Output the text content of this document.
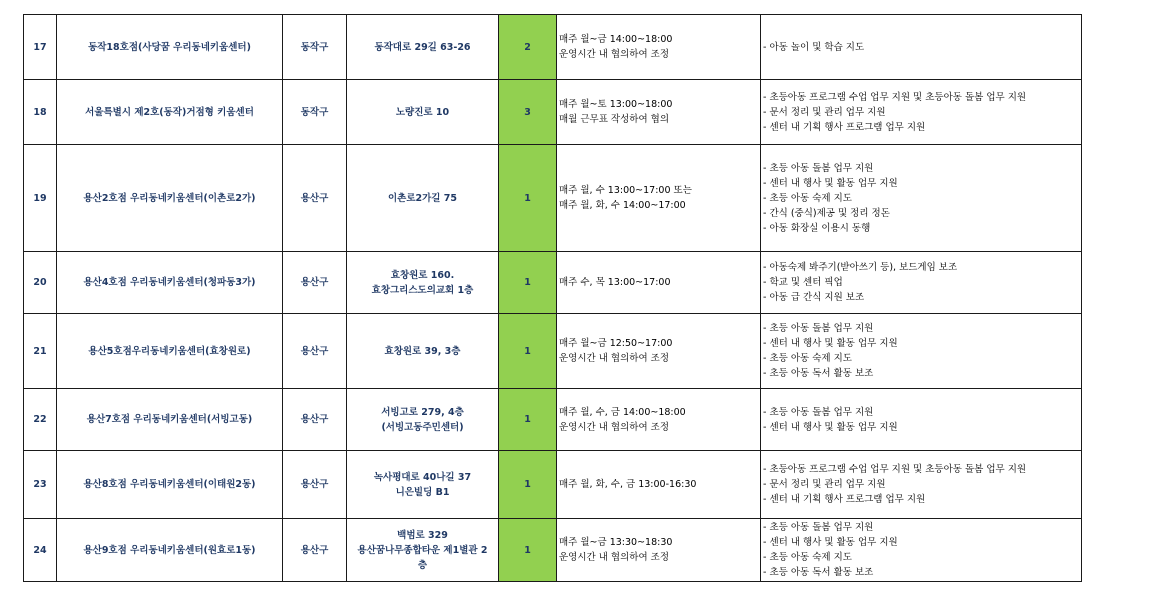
17	동작18호점(사당꿈 우리동네키움센터)	동작구	동작대로 29길 63-26	2	매주 월~금 14:00~18:00
운영시간 내 협의하여 조정	- 아동 놀이 및 학습 지도

18	서울특별시 제2호(동작)거점형 키움센터	동작구	노량진로 10	3	매주 월~토 13:00~18:00
매월 근무표 작성하여 협의	- 초등아동 프로그램 수업 업무 지원 및 초등아동 돌봄 업무 지원
- 문서 정리 및 관리 업무 지원
- 센터 내 기획 행사 프로그램 업무 지원

19	용산2호점 우리동네키움센터(이촌로2가)	용산구	이촌로2가길 75	1	매주 월, 수 13:00~17:00 또는
매주 월, 화, 수 14:00~17:00	- 초등 아동 돌봄 업무 지원
- 센터 내 행사 및 활동 업무 지원
- 초등 아동 숙제 지도
- 간식 (중식)제공 및 정리 정돈
- 아동 화장실 이용시 동행

20	용산4호점 우리동네키움센터(청파동3가)	용산구	효창원로 160.
효창그리스도의교회 1층	1	매주 수, 목 13:00~17:00	- 아동숙제 봐주기(받아쓰기 등), 보드게임 보조
- 학교 및 센터 픽업
- 아동 급 간식 지원 보조

21	용산5호점우리동네키움센터(효창원로)	용산구	효창원로 39, 3층	1	매주 월~금 12:50~17:00
운영시간 내 협의하여 조정	- 초등 아동 돌봄 업무 지원
- 센터 내 행사 및 활동 업무 지원
- 초등 아동 숙제 지도
- 초등 아동 독서 활동 보조

22	용산7호점 우리동네키움센터(서빙고동)	용산구	서빙고로 279, 4층
(서빙고동주민센터)	1	매주 월, 수, 금 14:00~18:00
운영시간 내 협의하여 조정	- 초등 아동 돌봄 업무 지원
- 센터 내 행사 및 활동 업무 지원

23	용산8호점 우리동네키움센터(이태원2동)	용산구	녹사평대로 40나길 37
니은빌딩 B1	1	매주 월, 화, 수, 금 13:00-16:30	- 초등아동 프로그램 수업 업무 지원 및 초등아동 돌봄 업무 지원
- 문서 정리 및 관리 업무 지원
- 센터 내 기획 행사 프로그램 업무 지원

24	용산9호점 우리동네키움센터(원효로1동)	용산구	백범로 329
용산꿈나무종합타운 제1별관 2
층	1	매주 월~금 13:30~18:30
운영시간 내 협의하여 조정	- 초등 아동 돌봄 업무 지원
- 센터 내 행사 및 활동 업무 지원
- 초등 아동 숙제 지도
- 초등 아동 독서 활동 보조
